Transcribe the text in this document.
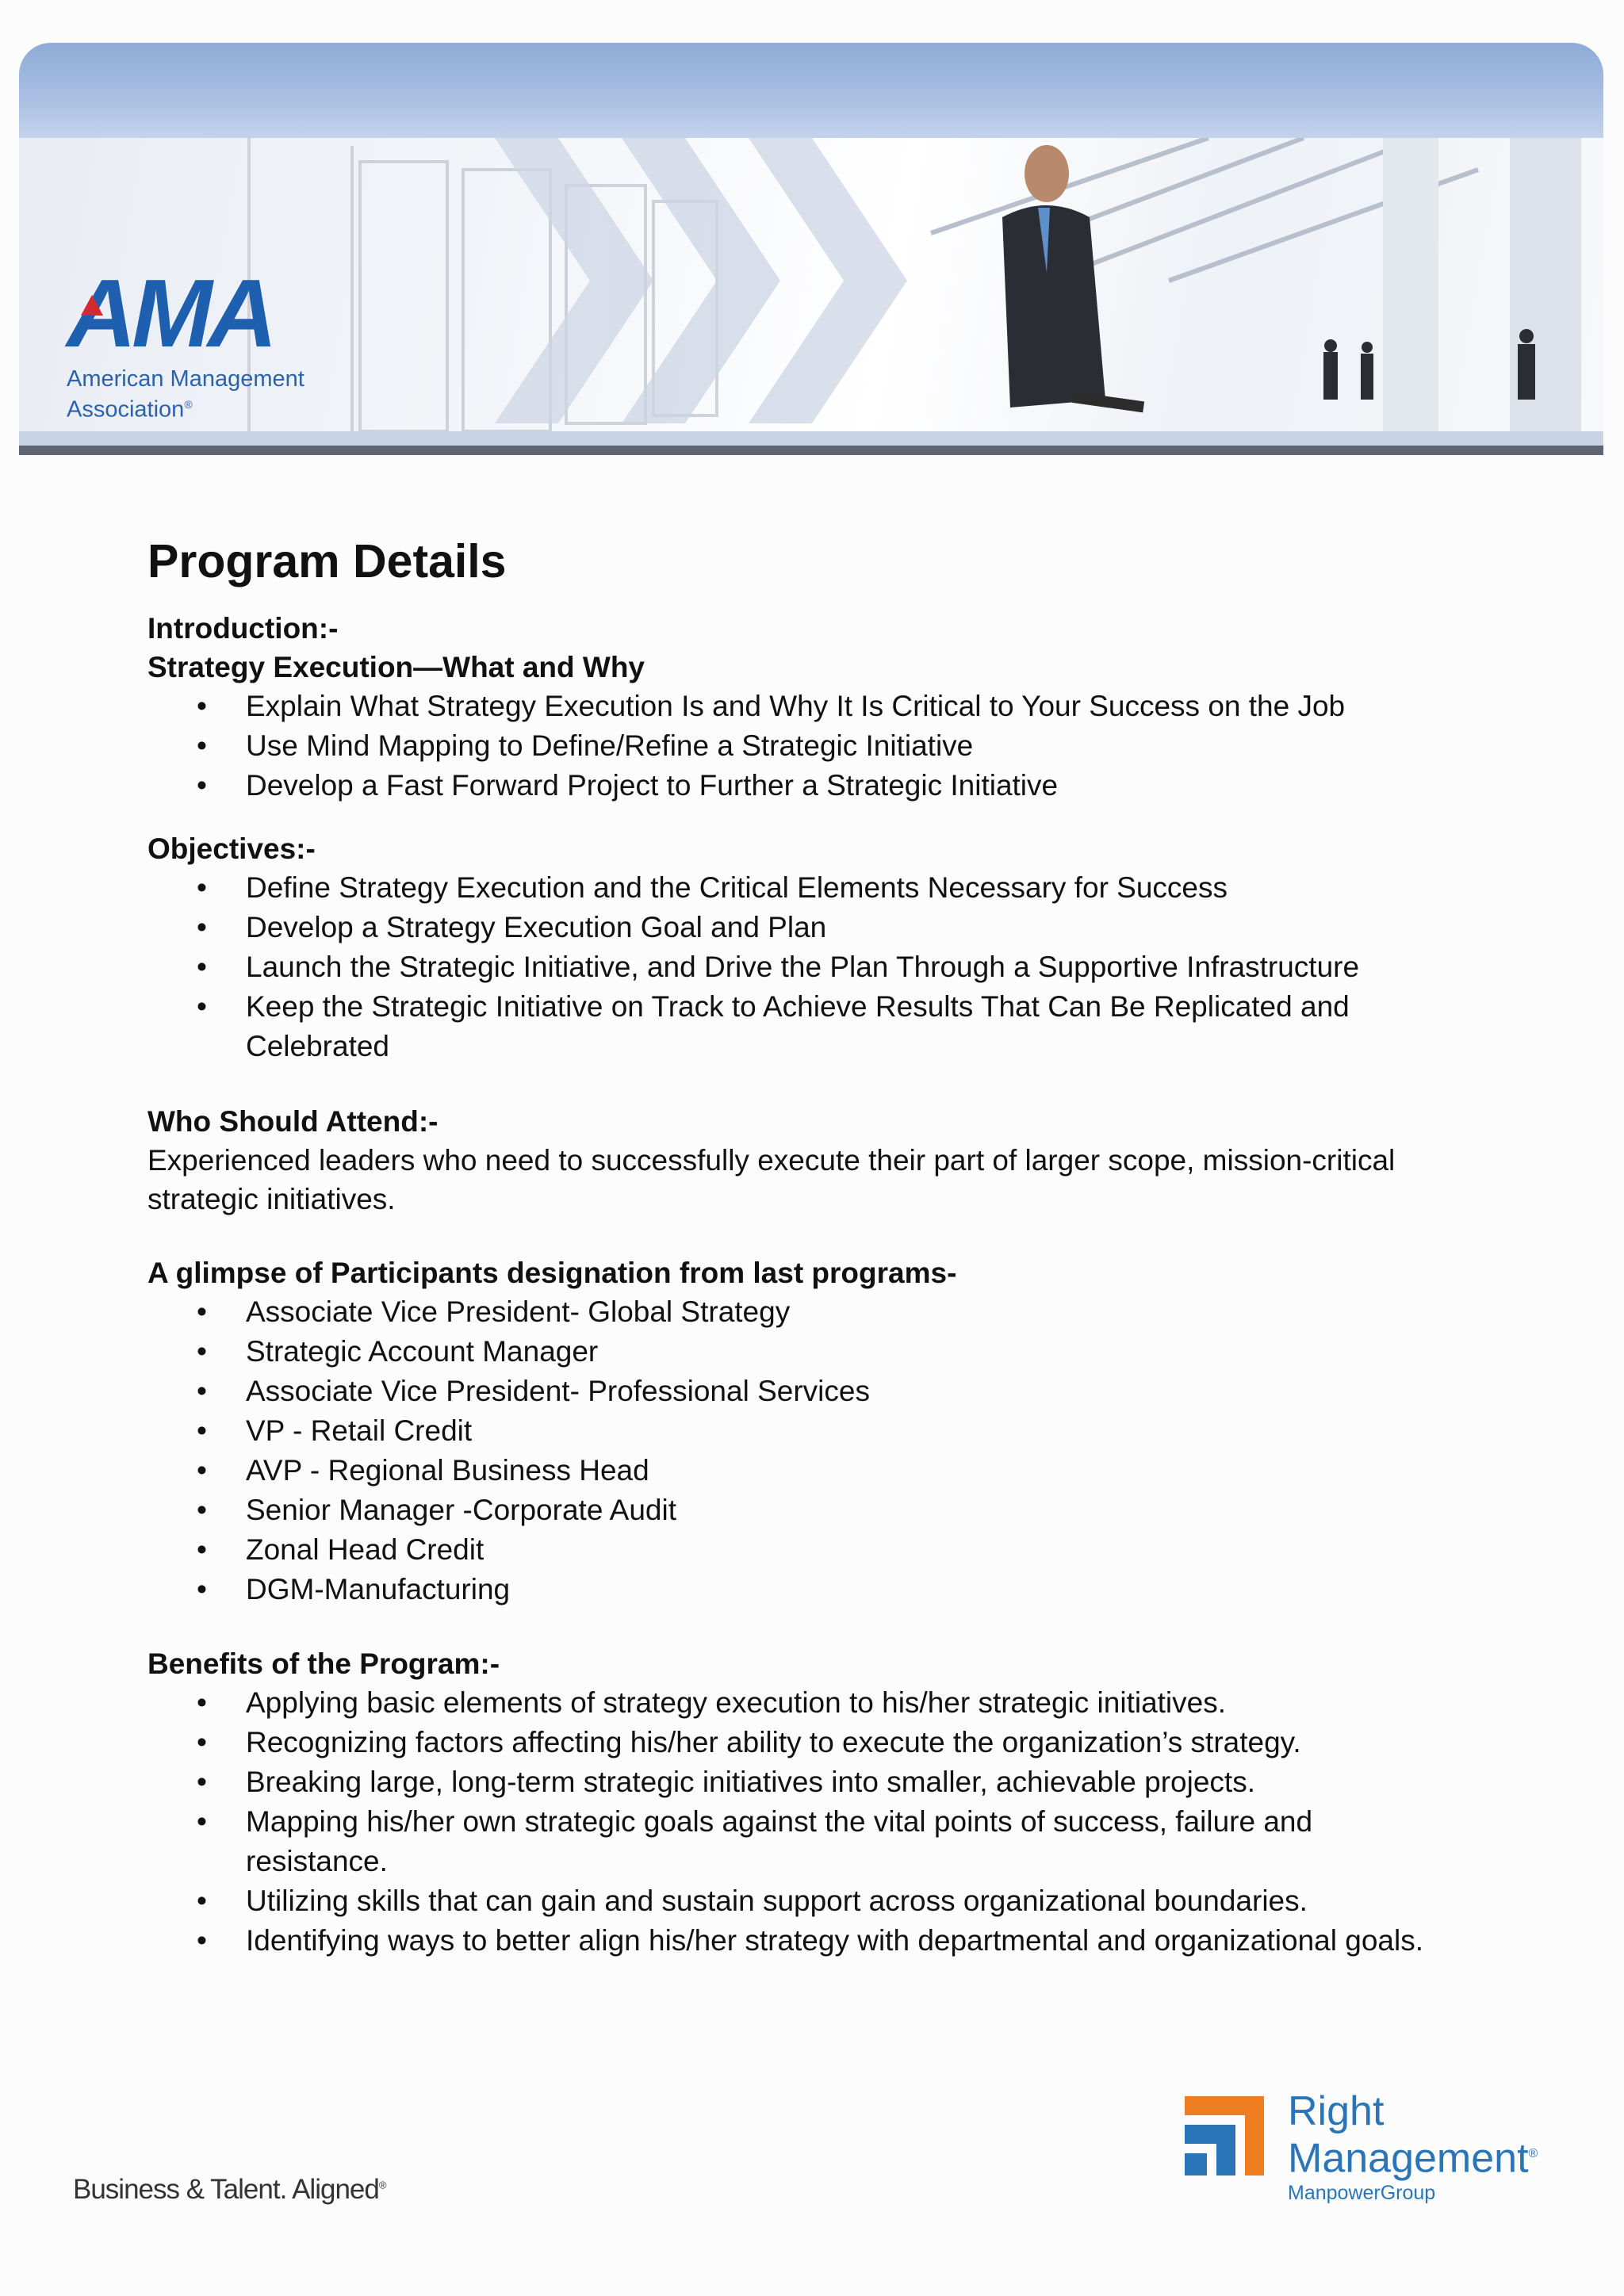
AMA
American Management
Association®
Program Details

Introduction:-

Strategy Execution—What and Why

• Explain What Strategy Execution Is and Why It Is Critical to Your Success on the Job
• Use Mind Mapping to Define/Refine a Strategic Initiative
• Develop a Fast Forward Project to Further a Strategic Initiative

Objectives:-

• Define Strategy Execution and the Critical Elements Necessary for Success
• Develop a Strategy Execution Goal and Plan
• Launch the Strategic Initiative, and Drive the Plan Through a Supportive Infrastructure
• Keep the Strategic Initiative on Track to Achieve Results That Can Be Replicated and Celebrated

Who Should Attend:-

Experienced leaders who need to successfully execute their part of larger scope, mission-critical strategic initiatives.

A glimpse of Participants designation from last programs-

• Associate Vice President- Global Strategy
• Strategic Account Manager
• Associate Vice President- Professional Services
• VP - Retail Credit
• AVP - Regional Business Head
• Senior Manager -Corporate Audit
• Zonal Head Credit
• DGM-Manufacturing

Benefits of the Program:-

• Applying basic elements of strategy execution to his/her strategic initiatives.
• Recognizing factors affecting his/her ability to execute the organization’s strategy.
• Breaking large, long-term strategic initiatives into smaller, achievable projects.
• Mapping his/her own strategic goals against the vital points of success, failure and resistance.
• Utilizing skills that can gain and sustain support across organizational boundaries.
• Identifying ways to better align his/her strategy with departmental and organizational goals.
Business & Talent. Aligned®
Right
Management®
ManpowerGroup
